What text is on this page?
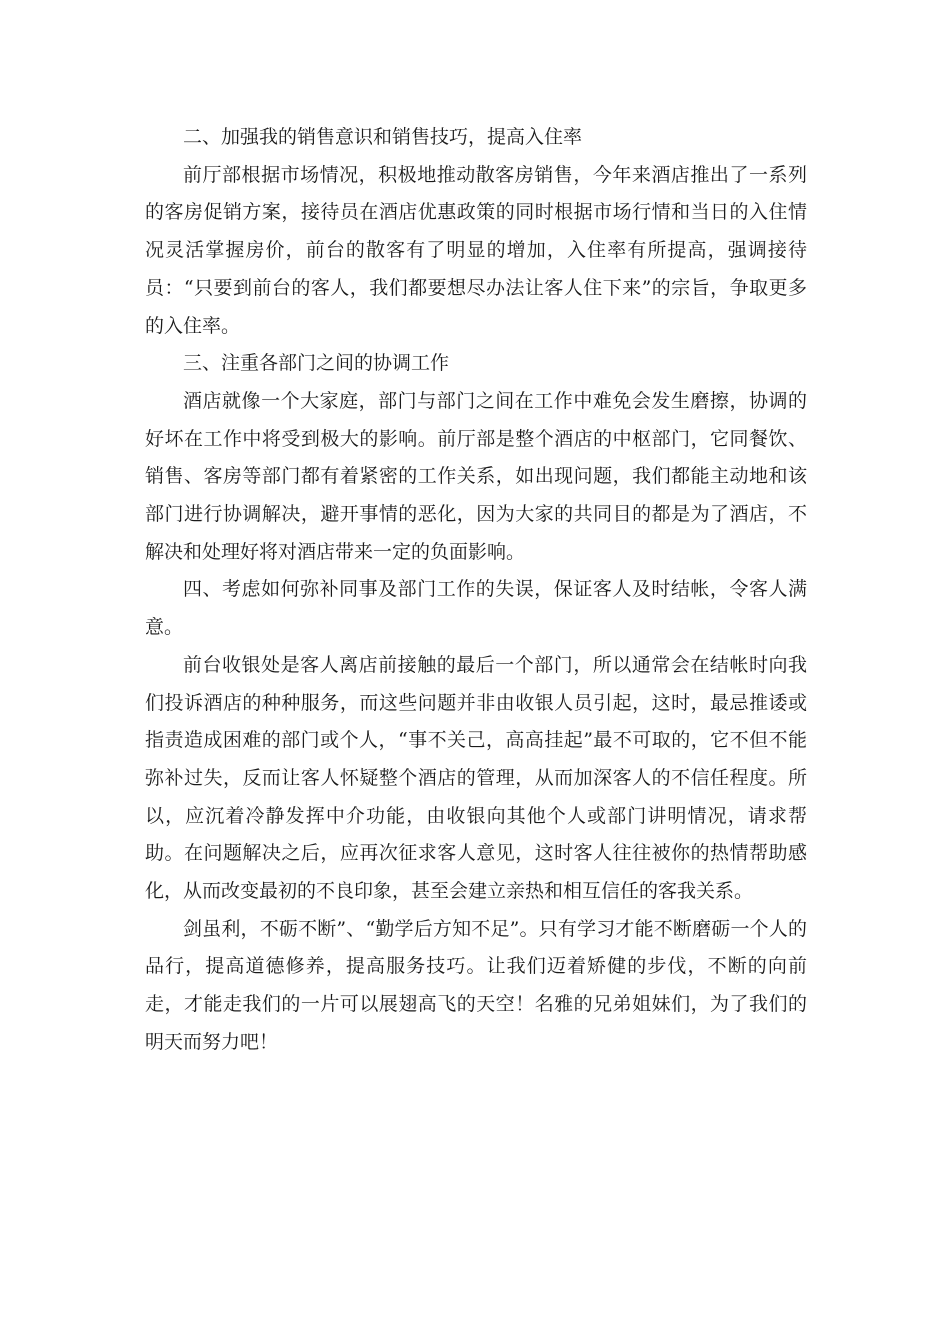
二、加强我的销售意识和销售技巧，提高入住率

前厅部根据市场情况，积极地推动散客房销售，今年来酒店推出了一系列的客房促销方案，接待员在酒店优惠政策的同时根据市场行情和当日的入住情况灵活掌握房价，前台的散客有了明显的增加，入住率有所提高，强调接待员：“只要到前台的客人，我们都要想尽办法让客人住下来”的宗旨，争取更多的入住率。

三、注重各部门之间的协调工作

酒店就像一个大家庭，部门与部门之间在工作中难免会发生磨擦，协调的好坏在工作中将受到极大的影响。前厅部是整个酒店的中枢部门，它同餐饮、销售、客房等部门都有着紧密的工作关系，如出现问题，我们都能主动地和该部门进行协调解决，避开事情的恶化，因为大家的共同目的都是为了酒店，不解决和处理好将对酒店带来一定的负面影响。

四、考虑如何弥补同事及部门工作的失误，保证客人及时结帐，令客人满意。

前台收银处是客人离店前接触的最后一个部门，所以通常会在结帐时向我们投诉酒店的种种服务，而这些问题并非由收银人员引起，这时，最忌推诿或指责造成困难的部门或个人，“事不关己，高高挂起”最不可取的，它不但不能弥补过失，反而让客人怀疑整个酒店的管理，从而加深客人的不信任程度。所以，应沉着冷静发挥中介功能，由收银向其他个人或部门讲明情况，请求帮助。在问题解决之后，应再次征求客人意见，这时客人往往被你的热情帮助感化，从而改变最初的不良印象，甚至会建立亲热和相互信任的客我关系。

剑虽利，不砺不断”、“勤学后方知不足”。只有学习才能不断磨砺一个人的品行，提高道德修养，提高服务技巧。让我们迈着矫健的步伐，不断的向前走，才能走我们的一片可以展翅高飞的天空！名雅的兄弟姐妹们，为了我们的明天而努力吧！
